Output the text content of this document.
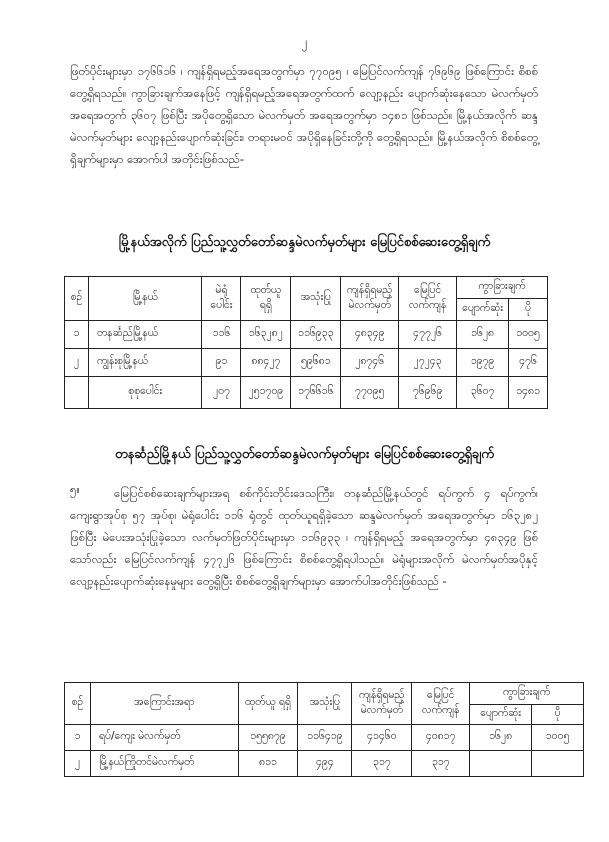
၂

ဖြတ်ပိုင်းများမှာ ၁၇၆၆၁၆ ၊ ကျန်ရှိရမည့်အရေအတွက်မှာ ၇၇၀၉၅ ၊ မြေပြင်လက်ကျန် ၇၆၉၆၉ ဖြစ်ကြောင်း စိစစ်တွေ့ရှိရသည်။ ကွာခြားချက်အနေဖြင့် ကျန်ရှိရမည့်အရေအတွက်ထက် လျော့နည်း ပျောက်ဆုံးနေသော မဲလက်မှတ်အရေအတွက် ၃၆၀၇ ဖြစ်ပြီး အပိုတွေ့ရှိသော မဲလက်မှတ် အရေအတွက်မှာ ၁၄၈၁ ဖြစ်သည်။ မြို့နယ်အလိုက် ဆန္ဒမဲလက်မှတ်များ လျော့နည်းပျောက်ဆုံးခြင်း၊ တရားမဝင် အပိုရှိနေခြင်းတို့ကို တွေ့ရှိရသည်။ မြို့နယ်အလိုက် စိစစ်တွေ့ရှိချက်များမှာ အောက်ပါ အတိုင်းဖြစ်သည်-

မြို့နယ်အလိုက် ပြည်သူ့လွှတ်တော်ဆန္ဒမဲလက်မှတ်များ မြေပြင်စစ်ဆေးတွေ့ရှိချက်
စဉ်	မြို့နယ်	မဲရုံ ပေါင်း	ထုတ်ယူ ရရှိ	အသုံးပြု	ကျန်ရှိရမည့် မဲလက်မှတ်	မြေပြင် လက်ကျန်	ကွာခြားချက်	
							ပျောက်ဆုံး	ပို
၁	တနင်္ဆည်မြို့နယ်	၁၁၆	၁၆၃၂၈၂	၁၁၆၉၃၃	၄၈၃၄၉	၄၇၇၂၆	၁၆၂၈	၁၀၀၅
၂	ကျွန်းစုမြို့နယ်	၉၁	၈၈၄၂၇	၅၉၆၈၁	၂၈၇၄၆	၂၇၂၄၃	၁၉၇၉	၄၇၆
	စုစုပေါင်း	၂၀၇	၂၅၁၇၀၉	၁၇၆၆၁၆	၇၇၀၉၅	၇၆၉၆၉	၃၆၀၇	၁၄၈၁
တနင်္ဆည်မြို့နယ် ပြည်သူ့လွှတ်တော်ဆန္ဒမဲလက်မှတ်များ မြေပြင်စစ်ဆေးတွေ့ရှိချက်
၅။	မြေပြင်စစ်ဆေးချက်များအရ စစ်ကိုင်းတိုင်းဒေသကြီး၊ တနင်္ဆည်မြို့နယ်တွင် ရပ်ကွက် ၄ ရပ်ကွက်၊ ကျေးရွာအုပ်စု ၅၇ အုပ်စု၊ မဲရုံပေါင်း ၁၁၆ ရုံတွင် ထုတ်ယူရရှိခဲ့သော ဆန္ဒမဲလက်မှတ် အရေအတွက်မှာ ၁၆၃၂၈၂ ဖြစ်ပြီး မဲပေးအသုံးပြုခဲ့သော လက်မှတ်ဖြတ်ပိုင်းများမှာ ၁၁၆၉၃၃ ၊ ကျန်ရှိရမည့် အရေအတွက်မှာ ၄၈၃၄၉ ဖြစ်သော်လည်း မြေပြင်လက်ကျန် ၄၇၇၂၆ ဖြစ်ကြောင်း စိစစ်တွေ့ရှိရပါသည်။ မဲရုံများအလိုက် မဲလက်မှတ်အပိုနှင့် လျော့နည်းပျောက်ဆုံးနေမှုများ တွေ့ရှိပြီး စိစစ်တွေ့ရှိချက်များမှာ အောက်ပါအတိုင်းဖြစ်သည် -

စဉ်	အကြောင်းအရာ	ထုတ်ယူ ရရှိ	အသုံးပြု	ကျန်ရှိရမည့် မဲလက်မှတ်	မြေပြင် လက်ကျန်	ကွာခြားချက်	
						ပျောက်ဆုံး	ပို
၁	ရပ်/ကျေး မဲလက်မှတ်	၁၅၅၈၇၉	၁၁၆၄၁၉	၄၁၄၆၀	၄၀၈၁၇	၁၆၂၈	၁၀၀၅
၂	မြို့နယ်ကြိုတင်မဲလက်မှတ်	၈၁၁	၄၉၄	၃၁၇	၃၁၇		
